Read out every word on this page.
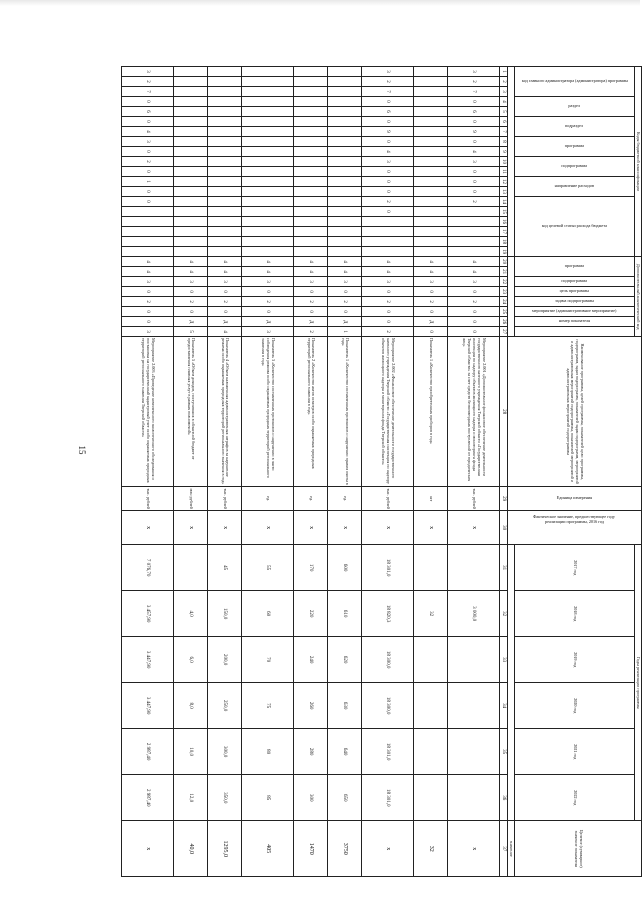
15
Коды бюджетной классификации																			Дополнительный аналитический код								Наименование программы, целей программы, показателей цели программы, подпрограмм, задач подпрограмм, показателей задач подпрограмм, мероприятий и административных мероприятий подпрограммы, показателей мероприятий и административных мероприятий подпрограммы	Единица измерения	Фактическое значение, предшествующее году реализации программы, 2016 год	Годы реализации программы						Целевое (суммарное) значение показателя

код главного администратора (администратора) программы			раздел		подраздел		программа		подпрограмма		направление расходов		код целевой статьи расхода бюджета						программа		подпрограмма	цель программы	задача подпрограммы	мероприятие (административное мероприятие)	номер показателя					2017 год	2018 год	2019 год	2020 год	2021 год	2022 год	
																																				значение
1	2	3	4	5	6	7	8	9	10	11	12	13	14	15	16	17	18	19	20	21	22	23	24	25	26	27	28	29	30	31	32	33	34	35	36	37
3	2	7	0	6	0	9	0	4	3	0	0	0	2						4	4	3	0	2	0	0	0	Мероприятие 2.001 «Дополнительное финансовое обеспечение деятельности государственного казенного учреждения Тверской области «Государственная инспекция по надзору объектов жилищного надзора и мониторинга фонда Тверской области» за счет средств безвозмездных поступлений от юридических лиц»	тыс. рублей	x		3 000,0					x
																			4	4	3	0	2	0	Д	0	Показатель 1 «Количество приобретенных приборов в год»	шт	x		32					32
3	2	7	0	6	0	9	0	4	3	0	0	0	2	0					4	4	3	0	2	0	0	2	Мероприятие 2.002 «Финансовое обеспечение деятельности государственного казенного учреждения Тверской области «Государственная инспекция по надзору объектов жилищного надзора и мониторинга фонда Тверской области»	тыс. рублей	x	18 301,0	18 820,3	18 300,0	18 300,0	18 301,0	18 301,0	x
																			4	4	3	0	2	0	Д	1	Показатель 1 «Количество составленных протоколов о нарушении правил охоты в год»	ед.	x	600	610	620	630	640	650	3750
																			4	4	3	0	2	0	Д	2	Показатель 2 «Количество актов осмотров особо охраняемых природных территорий регионального значения в год»	ед.	x	170	220	240	260	280	300	1470
																			4	4	3	0	2	0	Д	3	Показатель 3 «Количество составленных протоколов о нарушении в части соблюдения режима особо охраняемых природных территорий регионального значения в год»	ед.	x	55	60	70	75	80	85	405
																			4	4	3	0	2	0	Д	4	Показатель 4 «Объем наложенных административных штрафов за нарушение режима особо охраняемых природных территорий регионального значения в год»	тыс. рублей	x	45	150,0	200,0	250,0	300,0	350,0	1295,0
																			4	4	3	0	2	0	Д	5	Показатель 5 «Объем доходов, поступивших в областной бюджет от предоставления платных услуг в рамках полномочий»	млн рублей	x		4,0	6,0	8,0	10,0	12,0	40,0
3	2	7	0	6	0	4	3	0	2	0	1	0	0						4	4	3	0	2	0	0	3	Мероприятие 2.003 «Проведение комплексного экологического обследования и постановка на государственный кадастровый учет особо охраняемых природных территорий регионального значения Тверской области»	тыс. рублей	x	7 076,70	3 457,90	3 447,90	3 447,90	2 987,40	2 987,40	x
